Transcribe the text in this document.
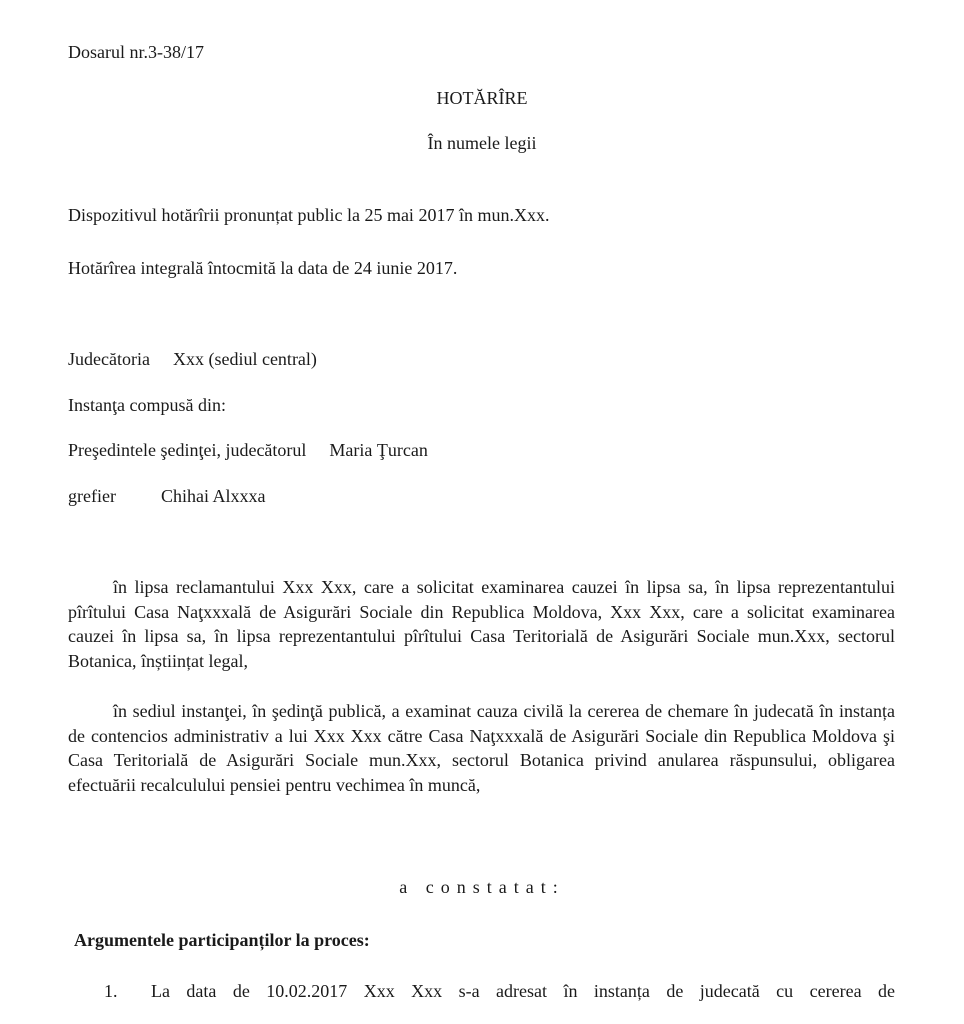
Dosarul nr.3-38/17
HOTĂRÎRE
În numele legii
Dispozitivul hotărîrii pronunțat public la 25 mai 2017 în mun.Xxx.
Hotărîrea integrală întocmită la data de 24 iunie 2017.
Judecătoria Xxx (sediul central)
Instanţa compusă din:
Preşedintele şedinţei, judecătorul Maria Ţurcan
grefier	Chihai Alxxxa
în lipsa reclamantului Xxx Xxx, care a solicitat examinarea cauzei în lipsa sa, în lipsa reprezentantului pîrîtului Casa Naţxxxală de Asigurări Sociale din Republica Moldova, Xxx Xxx, care a solicitat examinarea cauzei în lipsa sa, în lipsa reprezentantului pîrîtului Casa Teritorială de Asigurări Sociale mun.Xxx, sectorul Botanica, înștiințat legal,
în sediul instanţei, în şedinţă publică, a examinat cauza civilă la cererea de chemare în judecată în instanța de contencios administrativ a lui Xxx Xxx către Casa Naţxxxală de Asigurări Sociale din Republica Moldova şi Casa Teritorială de Asigurări Sociale mun.Xxx, sectorul Botanica privind anularea răspunsului, obligarea efectuării recalculului pensiei pentru vechimea în muncă,
a constatat:
Argumentele participanților la proces:
1. La data de 10.02.2017 Xxx Xxx s-a adresat în instanța de judecată cu cererea de
